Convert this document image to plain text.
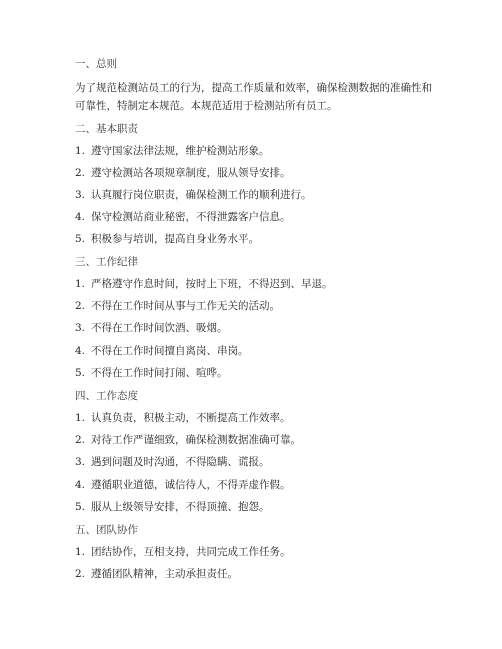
一、总则
为了规范检测站员工的行为，提高工作质量和效率，确保检测数据的准确性和可靠性，特制定本规范。本规范适用于检测站所有员工。
二、基本职责
1. 遵守国家法律法规，维护检测站形象。
2. 遵守检测站各项规章制度，服从领导安排。
3. 认真履行岗位职责，确保检测工作的顺利进行。
4. 保守检测站商业秘密，不得泄露客户信息。
5. 积极参与培训，提高自身业务水平。
三、工作纪律
1. 严格遵守作息时间，按时上下班，不得迟到、早退。
2. 不得在工作时间从事与工作无关的活动。
3. 不得在工作时间饮酒、吸烟。
4. 不得在工作时间擅自离岗、串岗。
5. 不得在工作时间打闹、喧哗。
四、工作态度
1. 认真负责，积极主动，不断提高工作效率。
2. 对待工作严谨细致，确保检测数据准确可靠。
3. 遇到问题及时沟通，不得隐瞒、谎报。
4. 遵循职业道德，诚信待人，不得弄虚作假。
5. 服从上级领导安排，不得顶撞、抱怨。
五、团队协作
1. 团结协作，互相支持，共同完成工作任务。
2. 遵循团队精神，主动承担责任。
